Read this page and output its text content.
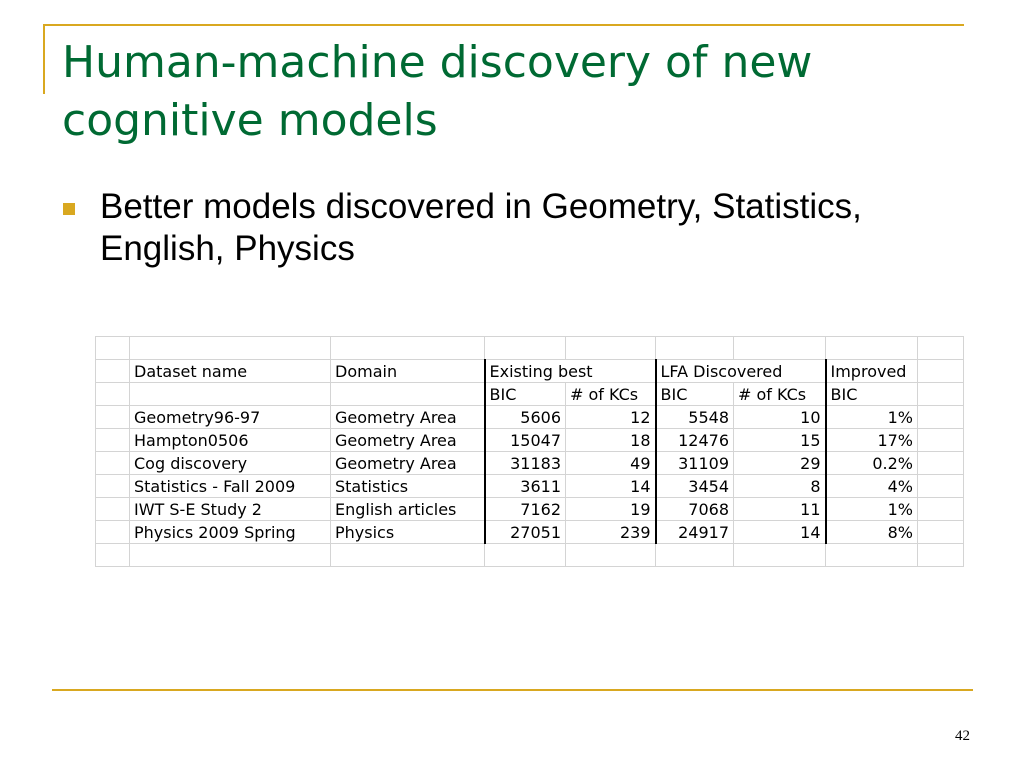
Human-machine discovery of new cognitive models

Better models discovered in Geometry, Statistics, English, Physics

	Dataset name	Domain	Existing best		LFA Discovered		Improved	
			BIC	# of KCs	BIC	# of KCs	BIC	
	Geometry96-97	Geometry Area	5606	12	5548	10	1%	
	Hampton0506	Geometry Area	15047	18	12476	15	17%	
	Cog discovery	Geometry Area	31183	49	31109	29	0.2%	
	Statistics - Fall 2009	Statistics	3611	14	3454	8	4%	
	IWT S-E Study 2	English articles	7162	19	7068	11	1%	
	Physics 2009 Spring	Physics	27051	239	24917	14	8%	

42
